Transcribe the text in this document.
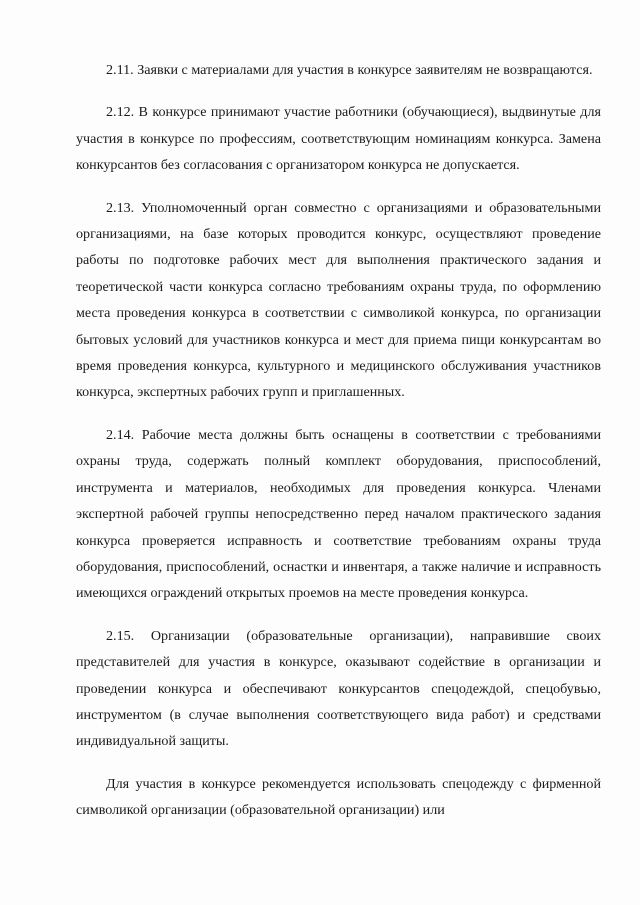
2.11. Заявки с материалами для участия в конкурсе заявителям не возвращаются.

2.12. В конкурсе принимают участие работники (обучающиеся), выдвинутые для участия в конкурсе по профессиям, соответствующим номинациям конкурса. Замена конкурсантов без согласования с организатором конкурса не допускается.

2.13. Уполномоченный орган совместно с организациями и образовательными организациями, на базе которых проводится конкурс, осуществляют проведение работы по подготовке рабочих мест для выполнения практического задания и теоретической части конкурса согласно требованиям охраны труда, по оформлению места проведения конкурса в соответствии с символикой конкурса, по организации бытовых условий для участников конкурса и мест для приема пищи конкурсантам во время проведения конкурса, культурного и медицинского обслуживания участников конкурса, экспертных рабочих групп и приглашенных.

2.14. Рабочие места должны быть оснащены в соответствии с требованиями охраны труда, содержать полный комплект оборудования, приспособлений, инструмента и материалов, необходимых для проведения конкурса. Членами экспертной рабочей группы непосредственно перед началом практического задания конкурса проверяется исправность и соответствие требованиям охраны труда оборудования, приспособлений, оснастки и инвентаря, а также наличие и исправность имеющихся ограждений открытых проемов на месте проведения конкурса.

2.15. Организации (образовательные организации), направившие своих представителей для участия в конкурсе, оказывают содействие в организации и проведении конкурса и обеспечивают конкурсантов спецодеждой, спецобувью, инструментом (в случае выполнения соответствующего вида работ) и средствами индивидуальной защиты.

Для участия в конкурсе рекомендуется использовать спецодежду с фирменной символикой организации (образовательной организации) или
